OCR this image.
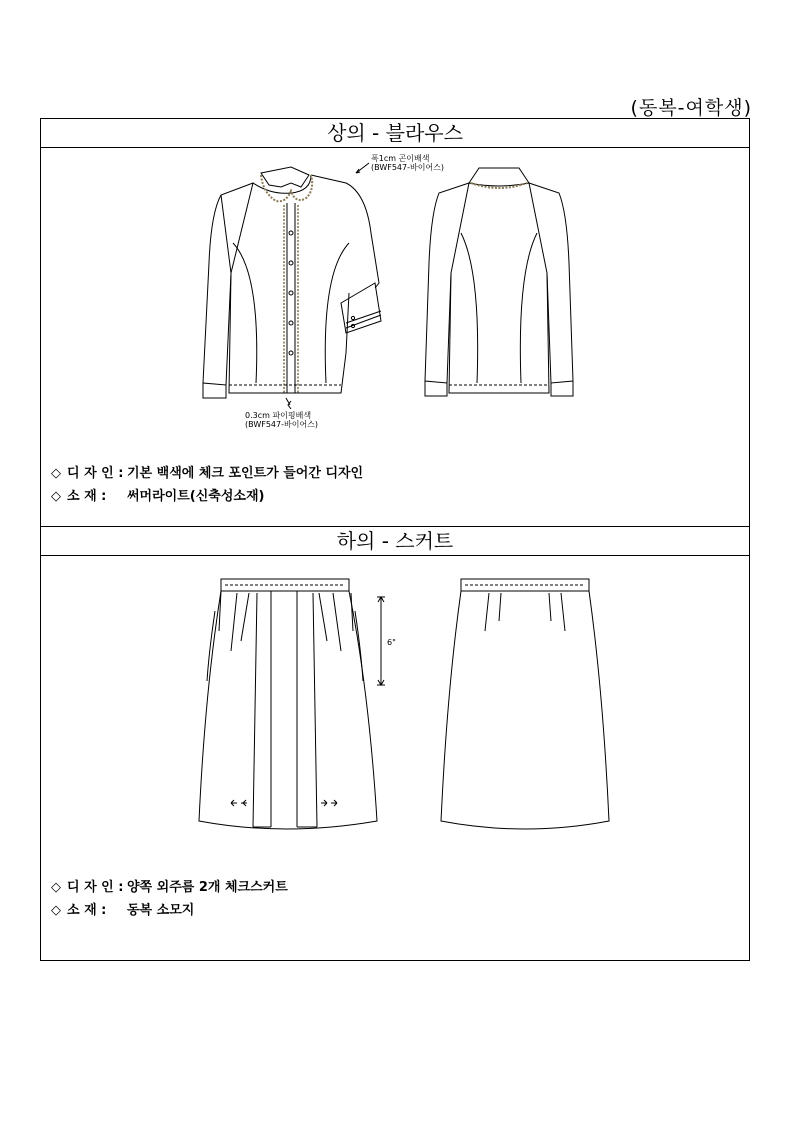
(동복-여학생)
상의 - 블라우스
폭1cm 곤이배색
(BWF547-바이어스)
0.3cm 파이핑배색
(BWF547-바이어스)
◇ 디 자 인 : 기본 백색에 체크 포인트가 들어간 디자인
◇ 소 재 : 써머라이트(신축성소재)
하의 - 스커트
6"
◇ 디 자 인 : 양쪽 외주름 2개 체크스커트
◇ 소 재 : 동복 소모지
